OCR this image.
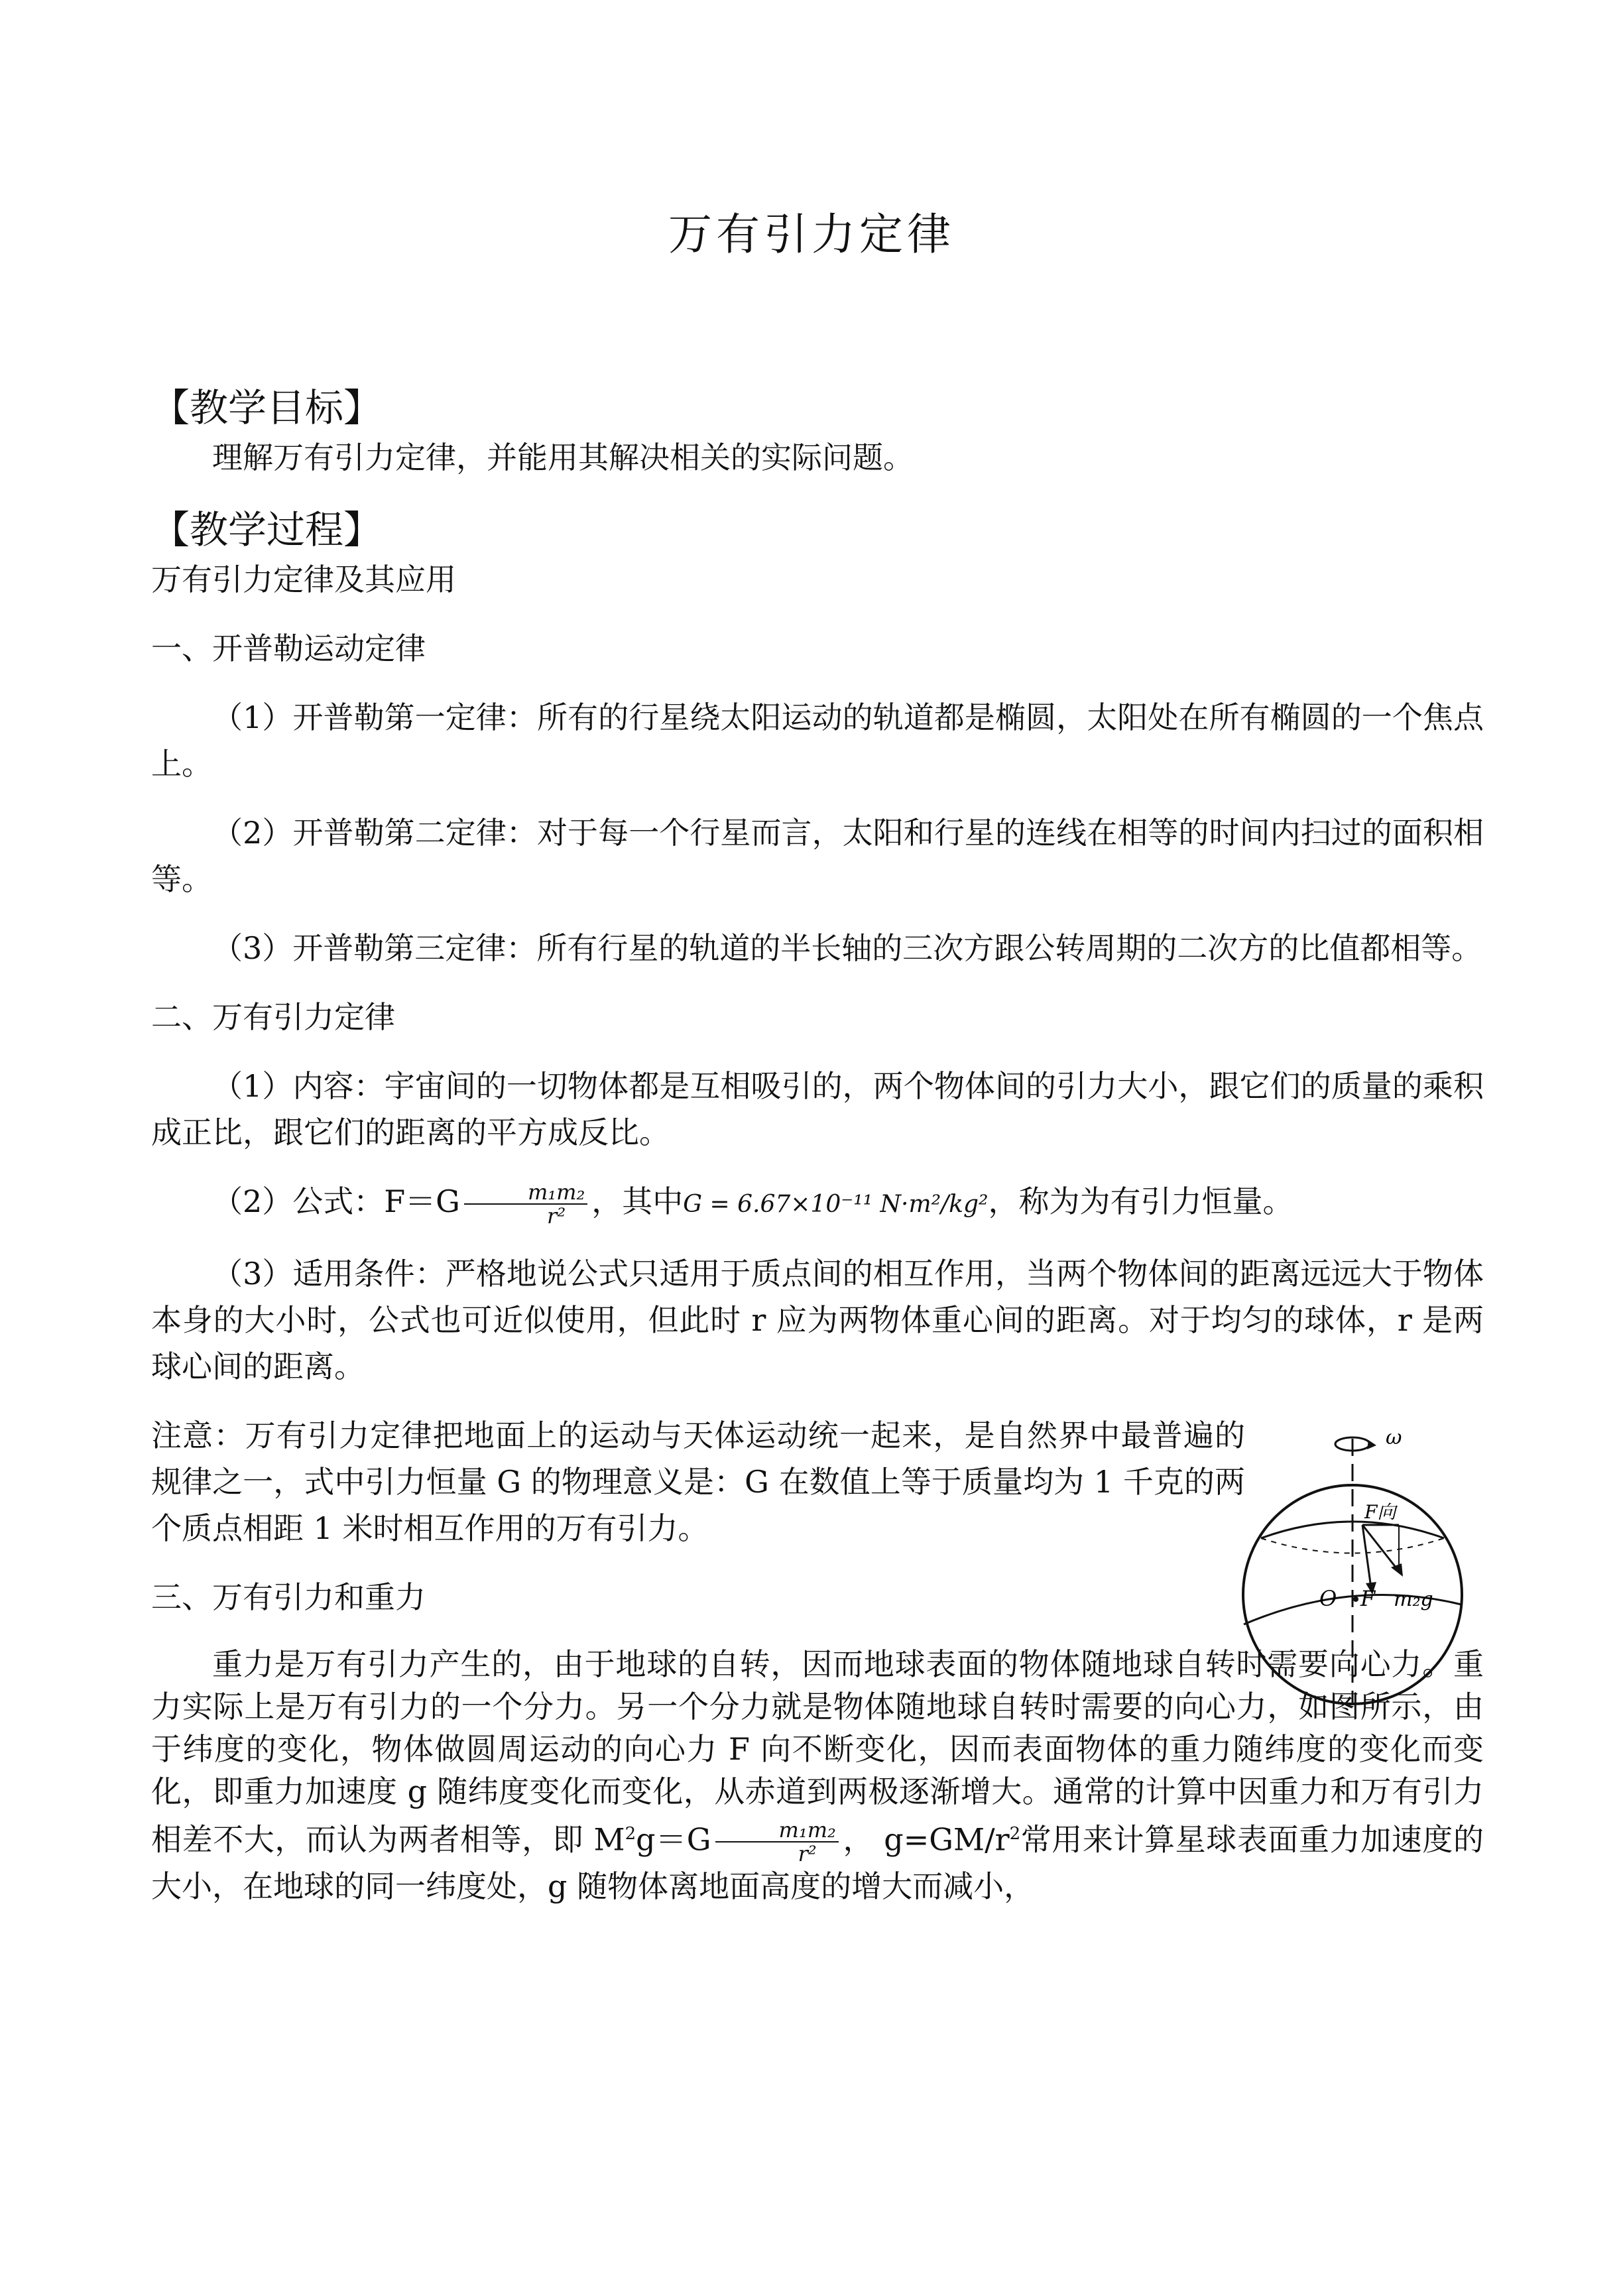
万有引力定律
【教学目标】

理解万有引力定律，并能用其解决相关的实际问题。

【教学过程】

万有引力定律及其应用

一、开普勒运动定律

（1）开普勒第一定律：所有的行星绕太阳运动的轨道都是椭圆，太阳处在所有椭圆的一个焦点上。

（2）开普勒第二定律：对于每一个行星而言，太阳和行星的连线在相等的时间内扫过的面积相等。

（3）开普勒第三定律：所有行星的轨道的半长轴的三次方跟公转周期的二次方的比值都相等。

二、万有引力定律

（1）内容：宇宙间的一切物体都是互相吸引的，两个物体间的引力大小，跟它们的质量的乘积成正比，跟它们的距离的平方成反比。

（2）公式：$F=G \frac{\text{m₁m₂}}{\text{r²}}$ ，其中G = 6.67×10⁻¹¹ N·m²/kg²，称为为有引力恒量。

（3）适用条件：严格地说公式只适用于质点间的相互作用，当两个物体间的距离远远大于物体本身的大小时，公式也可近似使用，但此时 r 应为两物体重心间的距离。对于均匀的球体，r 是两球心间的距离。

注意：万有引力定律把地面上的运动与天体运动统一起来，是自然界中最普遍的规律之一，式中引力恒量 G 的物理意义是：G 在数值上等于质量均为 1 千克的两个质点相距 1 米时相互作用的万有引力。

三、万有引力和重力

重力是万有引力产生的，由于地球的自转，因而地球表面的物体随地球自转时需要向心力。重力实际上是万有引力的一个分力。另一个分力就是物体随地球自转时需要的向心力，如图所示，由于纬度的变化，物体做圆周运动的向心力 F 向不断变化，因而表面物体的重力随纬度的变化而变化，即重力加速度 g 随纬度变化而变化，从赤道到两极逐渐增大。通常的计算中因重力和万有引力相差不大，而认为两者相等，即 $M^2g=G \frac{\text{m₁m₂}}{\text{r²}}$ ， $g=GM/r^2$常用来计算星球表面重力加速度的大小，在地球的同一纬度处，g 随物体离地面高度的增大而减小，

ω
F向
O F m₂g
